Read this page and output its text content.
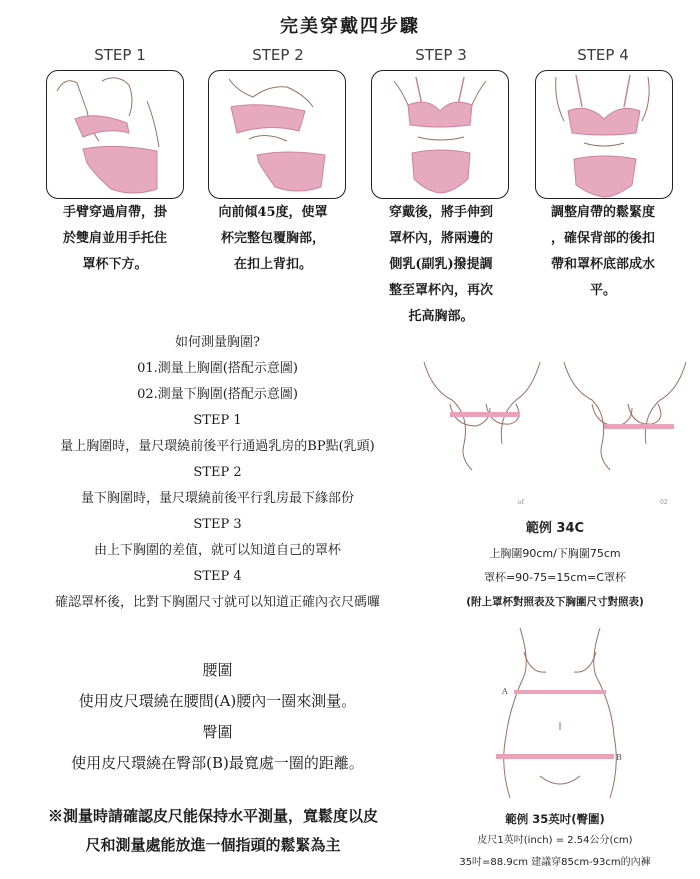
完美穿戴四步驟
STEP 1	STEP 2	STEP 3	STEP 4
手臂穿過肩帶，掛
於雙肩並用手托住
罩杯下方。
向前傾45度，使罩
杯完整包覆胸部，
在扣上背扣。
穿戴後，將手伸到
罩杯內，將兩邊的
側乳(副乳)撥提調
整至罩杯內，再次
托高胸部。
調整肩帶的鬆緊度
，確保背部的後扣
帶和罩杯底部成水
平。
如何測量胸圍?
01.測量上胸圍(搭配示意圖)
02.測量下胸圍(搭配示意圖)
STEP 1
量上胸圍時，量尺環繞前後平行通過乳房的BP點(乳頭)
STEP 2
量下胸圍時，量尺環繞前後平行乳房最下緣部份
STEP 3
由上下胸圍的差值，就可以知道自己的罩杯
STEP 4
確認罩杯後，比對下胸圍尺寸就可以知道正確內衣尺碼囉
of	02
範例 34C
上胸圍90cm/下胸圍75cm
罩杯=90-75=15cm=C罩杯
(附上罩杯對照表及下胸圍尺寸對照表)
腰圍
使用皮尺環繞在腰間(A)腰內一圈來測量。
臀圍
使用皮尺環繞在臀部(B)最寬處一圈的距離。
A
B
範例 35英吋(臀圍)
皮尺1英吋(inch) = 2.54公分(cm)
35吋=88.9cm 建議穿85cm-93cm的內褲
※測量時請確認皮尺能保持水平測量，寬鬆度以皮
尺和測量處能放進一個指頭的鬆緊為主
